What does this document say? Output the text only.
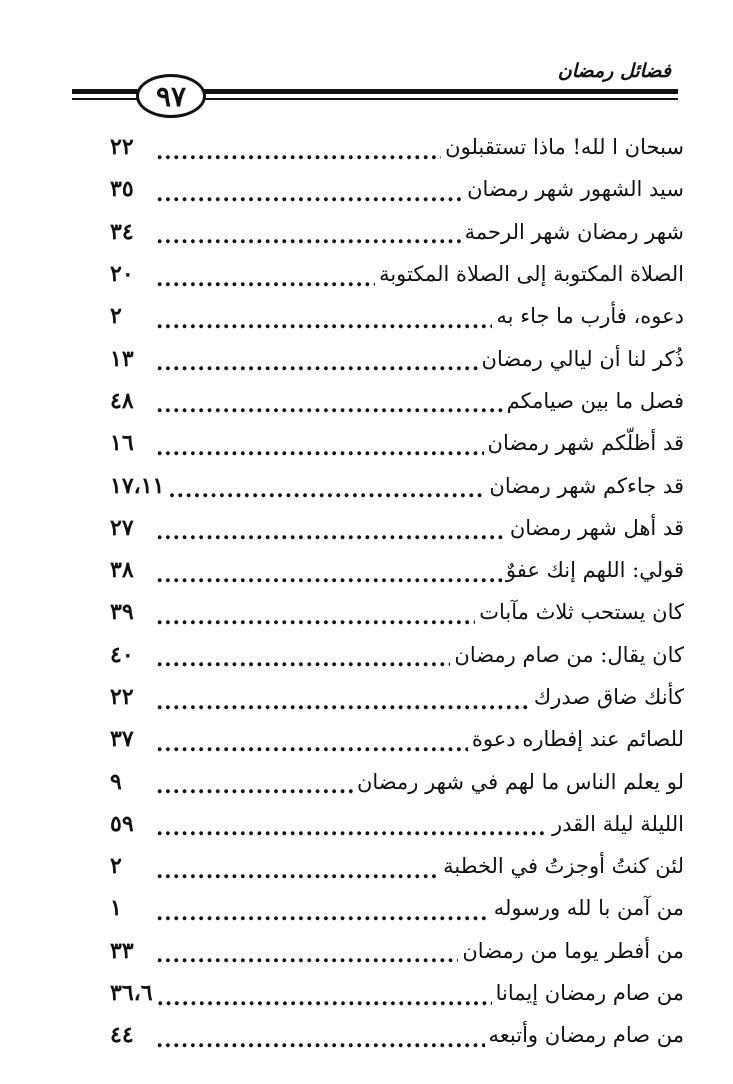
فضائل رمضان
٩٧
سبحان ا لله! ماذا تستقبلون
.....
٢٢
سيد الشهور شهر رمضان
.....
٣٥
شهر رمضان شهر الرحمة
.....
٣٤
الصلاة المكتوبة إلى الصلاة المكتوبة
.....
٢٠
دعوه، فأرب ما جاء به
.....
٢
ذُكر لنا أن ليالي رمضان
.....
١٣
فصل ما بين صيامكم
.....
٤٨
قد أظلّكم شهر رمضان
.....
١٦
قد جاءكم شهر رمضان
.....
١٧،١١
قد أهل شهر رمضان
.....
٢٧
قولي: اللهم إنك عفوٌ
.....
٣٨
كان يستحب ثلاث مآبات
.....
٣٩
كان يقال: من صام رمضان
.....
٤٠
كأنك ضاق صدرك
.....
٢٢
للصائم عند إفطاره دعوة
.....
٣٧
لو يعلم الناس ما لهم في شهر رمضان
.....
٩
الليلة ليلة القدر
.....
٥٩
لئن كنتُ أوجزتُ في الخطبة
.....
٢
من آمن با لله ورسوله
.....
١
من أفطر يوما من رمضان
.....
٣٣
من صام رمضان إيمانا
.....
٣٦،٦
من صام رمضان وأتبعه
.....
٤٤
